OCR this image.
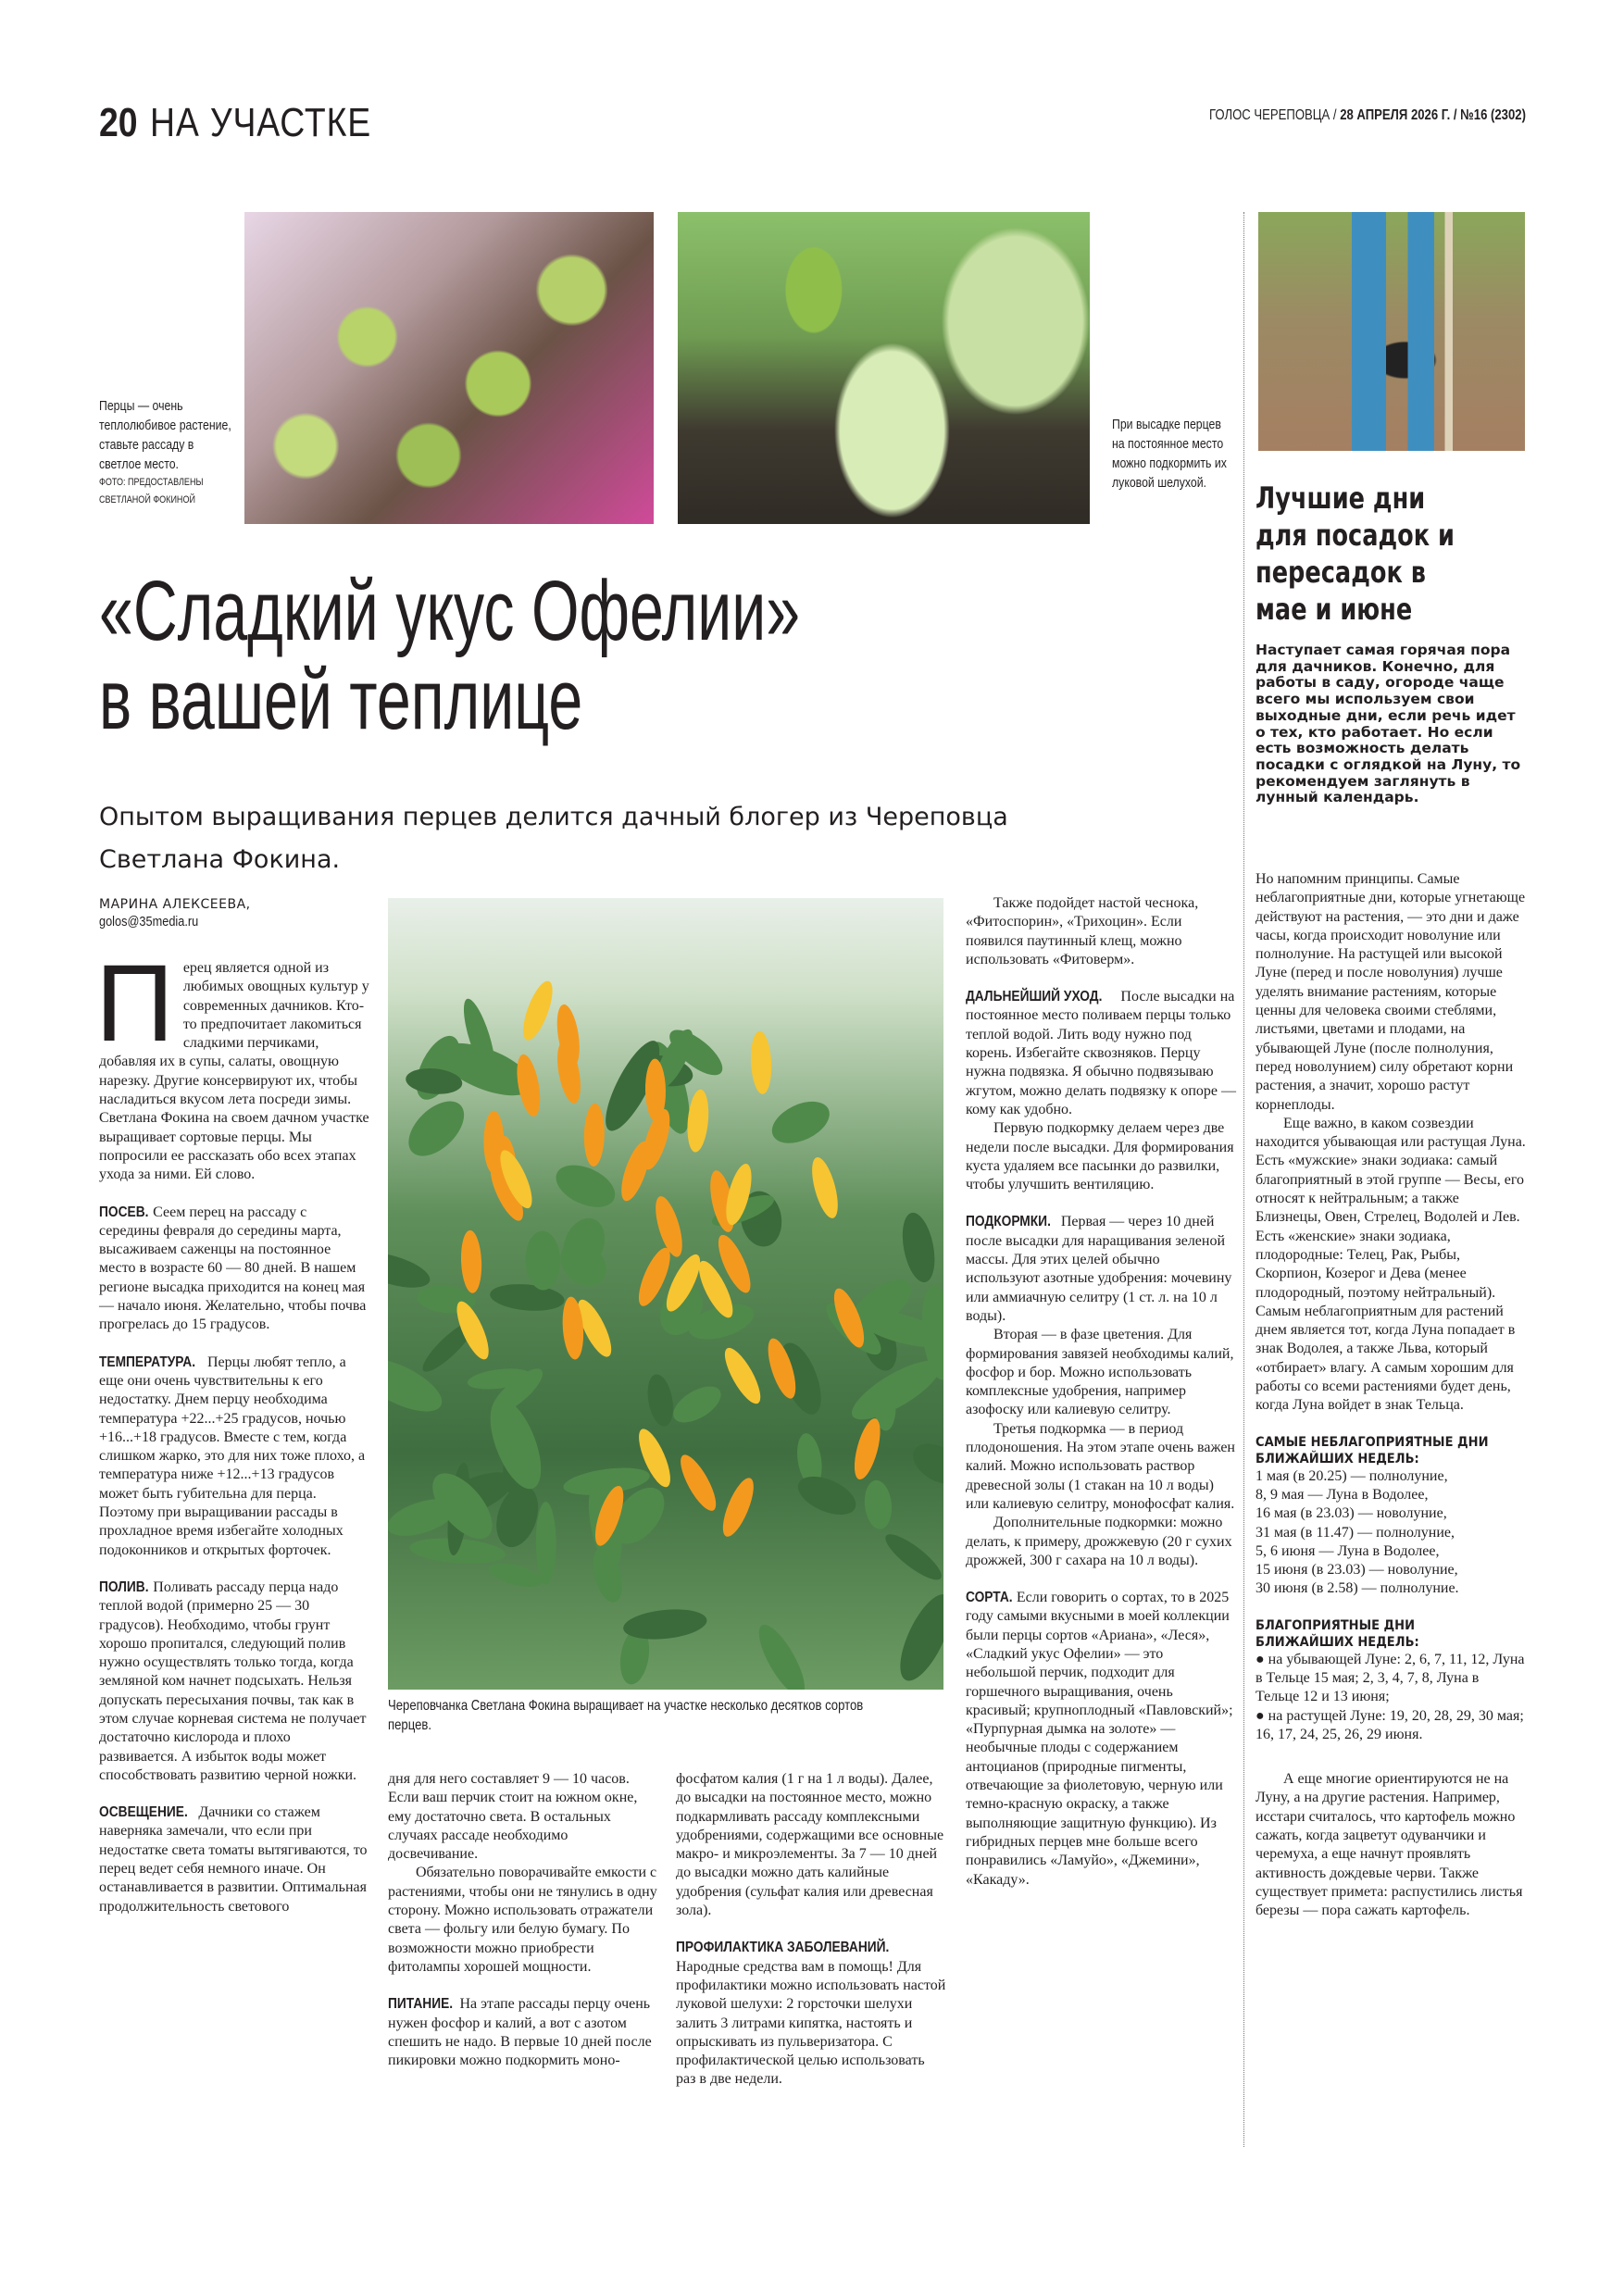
20 НА УЧАСТКЕ	ГОЛОС ЧЕРЕПОВЦА / 28 АПРЕЛЯ 2026 Г. / №16 (2302)
Перцы — очень теплолюбивое растение, ставьте рассаду в светлое место.
ФОТО: ПРЕДОСТАВЛЕНЫ СВЕТЛАНОЙ ФОКИНОЙ
При высадке перцев на постоянное место можно подкормить их луковой шелухой.
«Сладкий укус Офелии»
в вашей теплице
Опытом выращивания перцев делится дачный блогер из Череповца Светлана Фокина.
МАРИНА АЛЕКСЕЕВА,
golos@35media.ru

Перец является одной из любимых овощных культур у современных дачников. Кто-то предпочитает лакомиться сладкими перчиками, добавляя их в супы, салаты, овощную нарезку. Другие консервируют их, чтобы насладиться вкусом лета посреди зимы. Светлана Фокина на своем дачном участке выращивает сортовые перцы. Мы попросили ее рассказать обо всех этапах ухода за ними. Ей слово.

ПОСЕВ. Сеем перец на рассаду с середины февраля до середины марта, высаживаем саженцы на постоянное место в возрасте 60 — 80 дней. В нашем регионе высадка приходится на конец мая — начало июня. Желательно, чтобы почва прогрелась до 15 градусов.

ТЕМПЕРАТУРА. Перцы любят тепло, а еще они очень чувствительны к его недостатку. Днем перцу необходима температура +22...+25 градусов, ночью +16...+18 градусов. Вместе с тем, когда слишком жарко, это для них тоже плохо, а температура ниже +12...+13 градусов может быть губительна для перца. Поэтому при выращивании рассады в прохладное время избегайте холодных подоконников и открытых форточек.

ПОЛИВ. Поливать рассаду перца надо теплой водой (примерно 25 — 30 градусов). Необходимо, чтобы грунт хорошо пропитался, следующий полив нужно осуществлять только тогда, когда земляной ком начнет подсыхать. Нельзя допускать пересыхания почвы, так как в этом случае корневая система не получает достаточно кислорода и плохо развивается. А избыток воды может способствовать развитию черной ножки.

ОСВЕЩЕНИЕ. Дачники со стажем наверняка замечали, что если при недостатке света томаты вытягиваются, то перец ведет себя немного иначе. Он останавливается в развитии. Оптимальная продолжительность светового

Череповчанка Светлана Фокина выращивает на участке несколько десятков сортов перцев.

дня для него составляет 9 — 10 часов. Если ваш перчик стоит на южном окне, ему достаточно света. В остальных случаях рассаде необходимо досвечивание.

Обязательно поворачивайте емкости с растениями, чтобы они не тянулись в одну сторону. Можно использовать отражатели света — фольгу или белую бумагу. По возможности можно приобрести фитолампы хорошей мощности.

ПИТАНИЕ. На этапе рассады перцу очень нужен фосфор и калий, а вот с азотом спешить не надо. В первые 10 дней после пикировки можно подкормить моно-

фосфатом калия (1 г на 1 л воды). Далее, до высадки на постоянное место, можно подкармливать рассаду комплексными удобрениями, содержащими все основные макро- и микроэлементы. За 7 — 10 дней до высадки можно дать калийные удобрения (сульфат калия или древесная зола).

ПРОФИЛАКТИКА ЗАБОЛЕВАНИЙ. Народные средства вам в помощь! Для профилактики можно использовать настой луковой шелухи: 2 горсточки шелухи залить 3 литрами кипятка, настоять и опрыскивать из пульверизатора. С профилактической целью использовать раз в две недели.

Также подойдет настой чеснока, «Фитоспорин», «Трихоцин». Если появился паутинный клещ, можно использовать «Фитоверм».

ДАЛЬНЕЙШИЙ УХОД. После высадки на постоянное место поливаем перцы только теплой водой. Лить воду нужно под корень. Избегайте сквозняков. Перцу нужна подвязка. Я обычно подвязываю жгутом, можно делать подвязку к опоре — кому как удобно.

Первую подкормку делаем через две недели после высадки. Для формирования куста удаляем все пасынки до развилки, чтобы улучшить вентиляцию.

ПОДКОРМКИ. Первая — через 10 дней после высадки для наращивания зеленой массы. Для этих целей обычно используют азотные удобрения: мочевину или аммиачную селитру (1 ст. л. на 10 л воды).

Вторая — в фазе цветения. Для формирования завязей необходимы калий, фосфор и бор. Можно использовать комплексные удобрения, например азофоску или калиевую селитру.

Третья подкормка — в период плодоношения. На этом этапе очень важен калий. Можно использовать раствор древесной золы (1 стакан на 10 л воды) или калиевую селитру, монофосфат калия.

Дополнительные подкормки: можно делать, к примеру, дрожжевую (20 г сухих дрожжей, 300 г сахара на 10 л воды).

СОРТА. Если говорить о сортах, то в 2025 году самыми вкусными в моей коллекции были перцы сортов «Ариана», «Леся», «Сладкий укус Офелии» — это небольшой перчик, подходит для горшечного выращивания, очень красивый; крупноплодный «Павловский»; «Пурпурная дымка на золоте» — необычные плоды с содержанием антоцианов (природные пигменты, отвечающие за фиолетовую, черную или темно-красную окраску, а также выполняющие защитную функцию). Из гибридных перцев мне больше всего понравились «Ламуйо», «Джемини», «Какаду».

Лучшие дни для посадок и пересадок в мае и июне
Наступает самая горячая пора для дачников. Конечно, для работы в саду, огороде чаще всего мы используем свои выходные дни, если речь идет о тех, кто работает. Но если есть возможность делать посадки с оглядкой на Луну, то рекомендуем заглянуть в лунный календарь.

Но напомним принципы. Самые неблагоприятные дни, которые угнетающе действуют на растения, — это дни и даже часы, когда происходит новолуние или полнолуние. На растущей или высокой Луне (перед и после новолуния) лучше уделять внимание растениям, которые ценны для человека своими стеблями, листьями, цветами и плодами, на убывающей Луне (после полнолуния, перед новолунием) силу обретают корни растения, а значит, хорошо растут корнеплоды.

Еще важно, в каком созвездии находится убывающая или растущая Луна. Есть «мужские» знаки зодиака: самый благоприятный в этой группе — Весы, его относят к нейтральным; а также Близнецы, Овен, Стрелец, Водолей и Лев. Есть «женские» знаки зодиака, плодородные: Телец, Рак, Рыбы, Скорпион, Козерог и Дева (менее плодородный, поэтому нейтральный). Самым неблагоприятным для растений днем является тот, когда Луна попадает в знак Водолея, а также Льва, который «отбирает» влагу. А самым хорошим для работы со всеми растениями будет день, когда Луна войдет в знак Тельца.

САМЫЕ НЕБЛАГОПРИЯТНЫЕ ДНИ БЛИЖАЙШИХ НЕДЕЛЬ:

1 мая (в 20.25) — полнолуние,
8, 9 мая — Луна в Водолее,
16 мая (в 23.03) — новолуние,
31 мая (в 11.47) — полнолуние,
5, 6 июня — Луна в Водолее,
15 июня (в 23.03) — новолуние,
30 июня (в 2.58) — полнолуние.

БЛАГОПРИЯТНЫЕ ДНИ БЛИЖАЙШИХ НЕДЕЛЬ:

● на убывающей Луне: 2, 6, 7, 11, 12, Луна в Тельце 15 мая; 2, 3, 4, 7, 8, Луна в Тельце 12 и 13 июня;
● на растущей Луне: 19, 20, 28, 29, 30 мая; 16, 17, 24, 25, 26, 29 июня.

А еще многие ориентируются не на Луну, а на другие растения. Например, исстари считалось, что картофель можно сажать, когда зацветут одуванчики и черемуха, а еще начнут проявлять активность дождевые черви. Также существует примета: распустились листья березы — пора сажать картофель.
